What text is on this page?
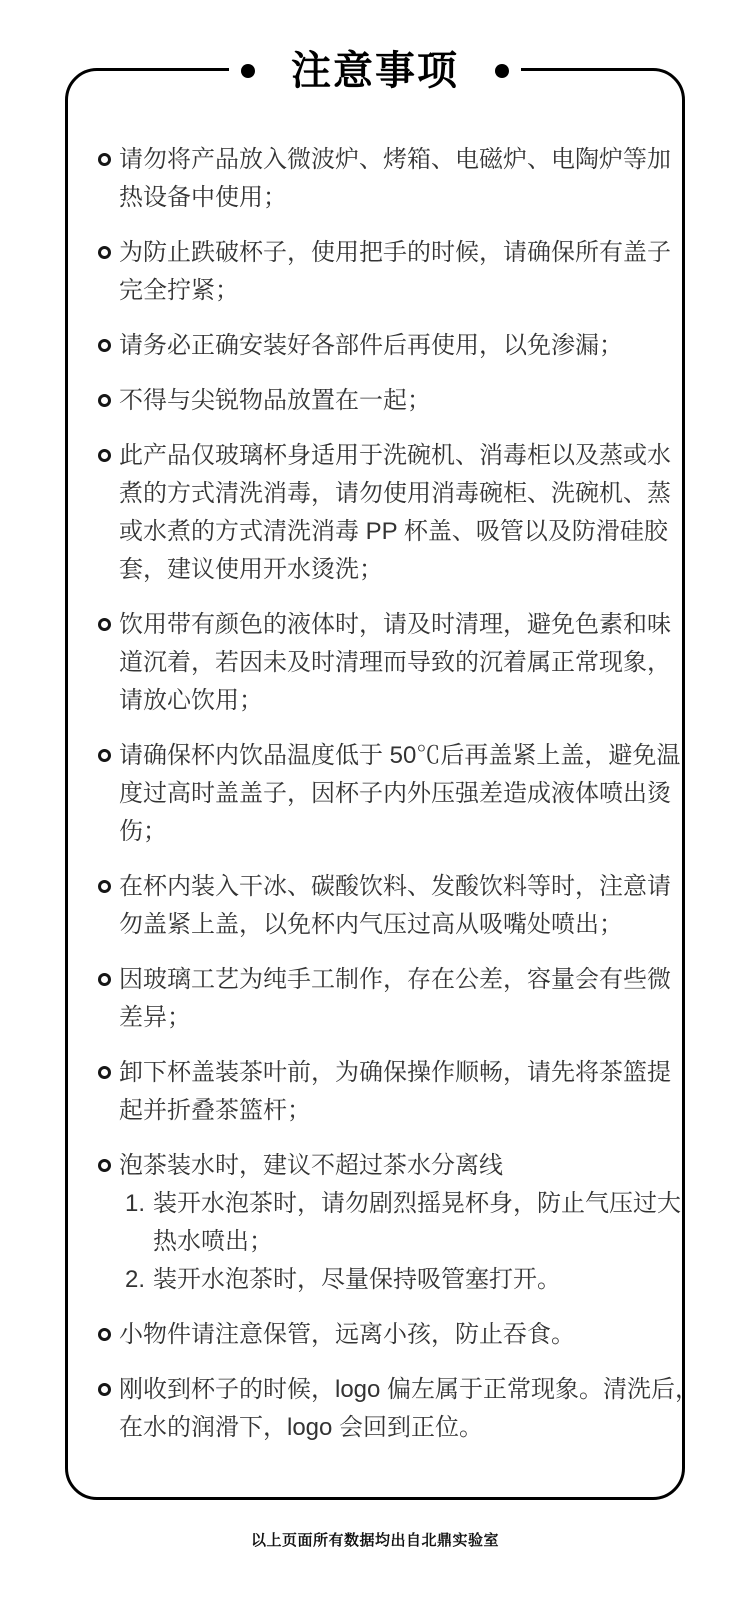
注意事项
请勿将产品放入微波炉、烤箱、电磁炉、电陶炉等加
热设备中使用；
为防止跌破杯子，使用把手的时候，请确保所有盖子
完全拧紧；
请务必正确安装好各部件后再使用，以免渗漏；
不得与尖锐物品放置在一起；
此产品仅玻璃杯身适用于洗碗机、消毒柜以及蒸或水
煮的方式清洗消毒，请勿使用消毒碗柜、洗碗机、蒸
或水煮的方式清洗消毒 PP 杯盖、吸管以及防滑硅胶
套，建议使用开水烫洗；
饮用带有颜色的液体时，请及时清理，避免色素和味
道沉着，若因未及时清理而导致的沉着属正常现象，
请放心饮用；
请确保杯内饮品温度低于 50℃后再盖紧上盖，避免温
度过高时盖盖子，因杯子内外压强差造成液体喷出烫
伤；
在杯内装入干冰、碳酸饮料、发酸饮料等时，注意请
勿盖紧上盖，以免杯内气压过高从吸嘴处喷出；
因玻璃工艺为纯手工制作，存在公差，容量会有些微
差异；
卸下杯盖装茶叶前，为确保操作顺畅，请先将茶篮提
起并折叠茶篮杆；
泡茶装水时，建议不超过茶水分离线
1. 装开水泡茶时，请勿剧烈摇晃杯身，防止气压过大
热水喷出；
2. 装开水泡茶时，尽量保持吸管塞打开。
小物件请注意保管，远离小孩，防止吞食。
刚收到杯子的时候，logo 偏左属于正常现象。清洗后，
在水的润滑下，logo 会回到正位。
以上页面所有数据均出自北鼎实验室
